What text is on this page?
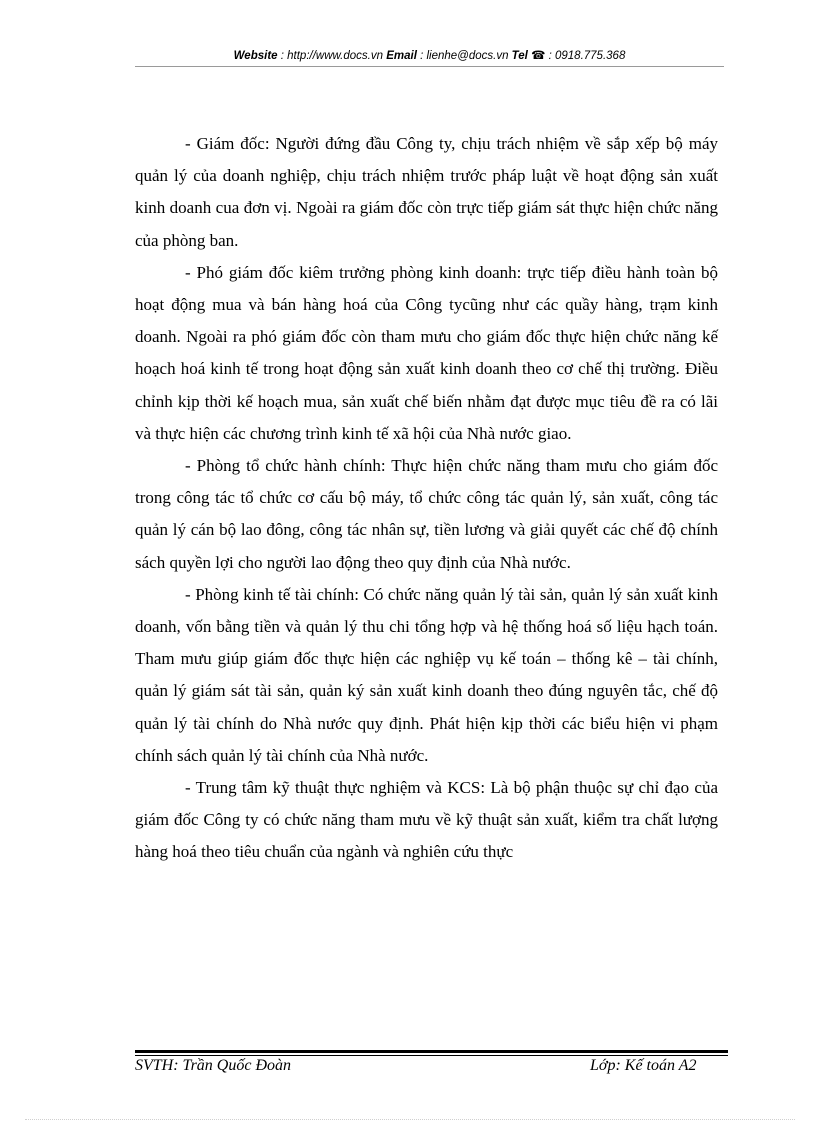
Website : http://www.docs.vn Email : lienhe@docs.vn Tel ☎ : 0918.775.368

- Giám đốc: Người đứng đầu Công ty, chịu trách nhiệm về sắp xếp bộ máy quản lý của doanh nghiệp, chịu trách nhiệm trước pháp luật về hoạt động sản xuất kinh doanh cua đơn vị. Ngoài ra giám đốc còn trực tiếp giám sát thực hiện chức năng của phòng ban.

- Phó giám đốc kiêm trưởng phòng kinh doanh: trực tiếp điều hành toàn bộ hoạt động mua và bán hàng hoá của Công tycũng như các quầy hàng, trạm kinh doanh. Ngoài ra phó giám đốc còn tham mưu cho giám đốc thực hiện chức năng kế hoạch hoá kinh tế trong hoạt động sản xuất kinh doanh theo cơ chế thị trường. Điều chỉnh kịp thời kế hoạch mua, sản xuất chế biến nhằm đạt được mục tiêu đề ra có lãi và thực hiện các chương trình kinh tế xã hội của Nhà nước giao.

- Phòng tổ chức hành chính: Thực hiện chức năng tham mưu cho giám đốc trong công tác tổ chức cơ cấu bộ máy, tổ chức công tác quản lý, sản xuất, công tác quản lý cán bộ lao đông, công tác nhân sự, tiền lương và giải quyết các chế độ chính sách quyền lợi cho người lao động theo quy định của Nhà nước.

- Phòng kinh tế tài chính: Có chức năng quản lý tài sản, quản lý sản xuất kinh doanh, vốn bằng tiền và quản lý thu chi tổng hợp và hệ thống hoá số liệu hạch toán. Tham mưu giúp giám đốc thực hiện các nghiệp vụ kế toán – thống kê – tài chính, quản lý giám sát tài sản, quản ký sản xuất kinh doanh theo đúng nguyên tắc, chế độ quản lý tài chính do Nhà nước quy định. Phát hiện kịp thời các biểu hiện vi phạm chính sách quản lý tài chính của Nhà nước.

- Trung tâm kỹ thuật thực nghiệm và KCS: Là bộ phận thuộc sự chỉ đạo của giám đốc Công ty có chức năng tham mưu về kỹ thuật sản xuất, kiểm tra chất lượng hàng hoá theo tiêu chuẩn của ngành và nghiên cứu thực

SVTH: Trần Quốc Đoàn	Lớp: Kế toán A2
